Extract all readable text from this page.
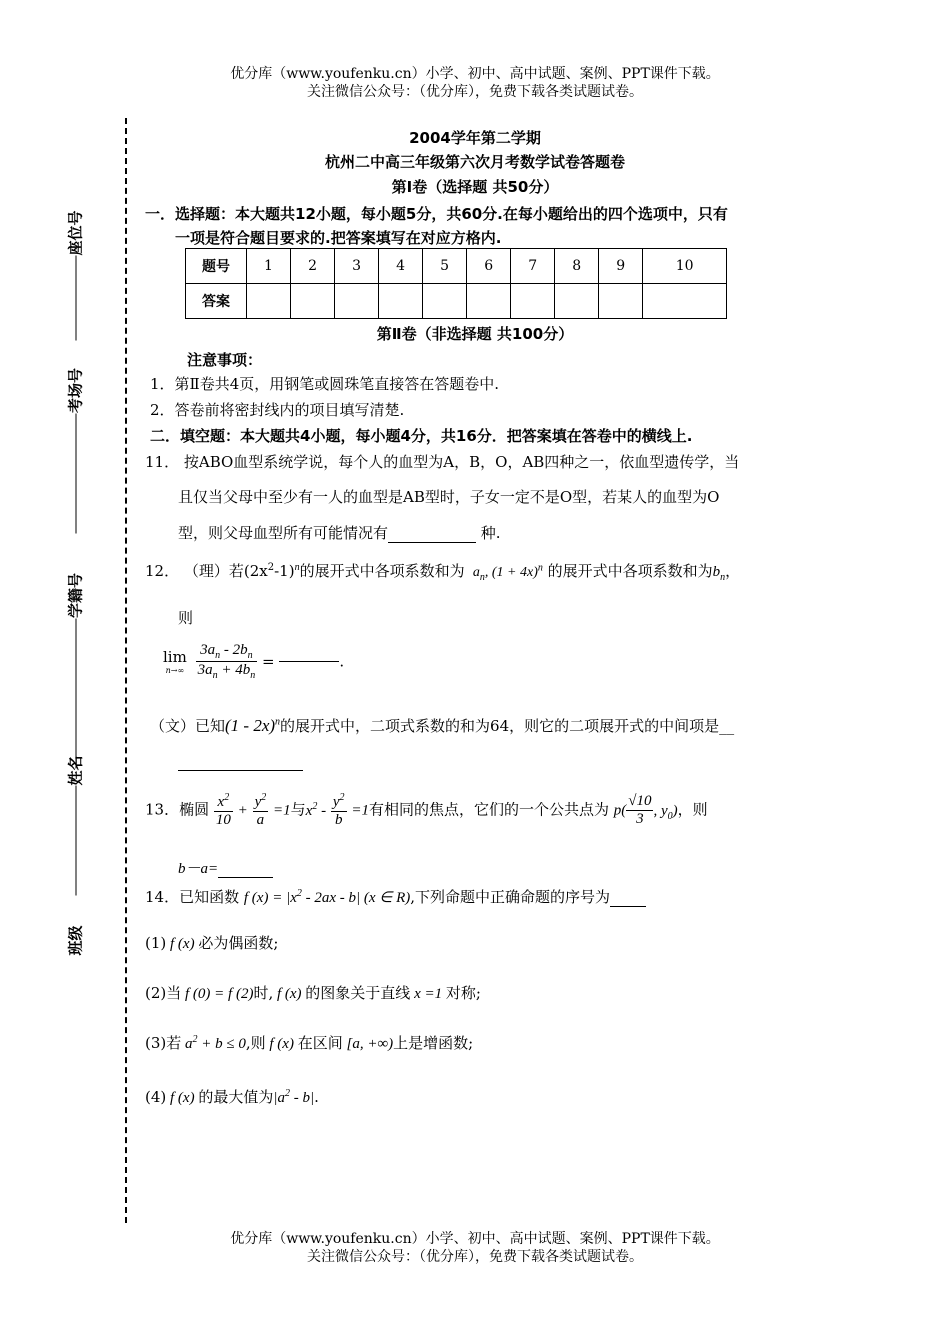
优分库（www.youfenku.cn）小学、初中、高中试题、案例、PPT课件下载。
关注微信公众号：（优分库），免费下载各类试题试卷。
座位号
考场号
学籍号
姓名
班级
2004学年第二学期
杭州二中高三年级第六次月考数学试卷答题卷
第Ⅰ卷（选择题 共50分）
一．选择题：本大题共12小题，每小题5分，共60分.在每小题给出的四个选项中，只有
一项是符合题目要求的.把答案填写在对应方格内.
题号	1	2	3	4	5	6	7	8	9	10
答案										
第Ⅱ卷（非选择题 共100分）
注意事项：
1．第Ⅱ卷共4页，用钢笔或圆珠笔直接答在答题卷中.
2．答卷前将密封线内的项目填写清楚.
二．填空题：本大题共4小题，每小题4分，共16分．把答案填在答卷中的横线上.
11． 按ABO血型系统学说，每个人的血型为A，B，O，AB四种之一，依血型遗传学，当
且仅当父母中至少有一人的血型是AB型时，子女一定不是O型，若某人的血型为O
型，则父母血型所有可能情况有	种.
12． （理）若$(2x^2-1)^n$的展开式中各项系数和为  $a_n$, $(1 + 4x)^n$ 的展开式中各项系数和为$b_n$，
则
lim
n→∞
$\frac{3a_n - 2b_n}{3a_n + 4b_n}$ =	.
（文）已知(1 - 2x)$^n$的展开式中，二项式系数的和为64，则它的二项展开式的中间项是__
13．椭圆 $\frac{x^2}{10} + \frac{y^2}{a} =1$与$x^2 - \frac{y^2}{b} =1$有相同的焦点，它们的一个公共点为 $p( \frac{√10}{3}$ , $y_0$)，则
b－a=
14．已知函数 f $(x) = |x^2 - 2ax - b|$ (x ∈ R),下列命题中正确命题的序号为
(1) f (x) 必为偶函数;
(2)当 f (0) = f (2)时, f (x) 的图象关于直线 x =1 对称;
(3)若 $a^2 + b \le 0$,则 f (x) 在区间 [a, +∞)上是增函数;
(4) f (x) 的最大值为$|a^2 - b|$.
优分库（www.youfenku.cn）小学、初中、高中试题、案例、PPT课件下载。
关注微信公众号：（优分库），免费下载各类试题试卷。
